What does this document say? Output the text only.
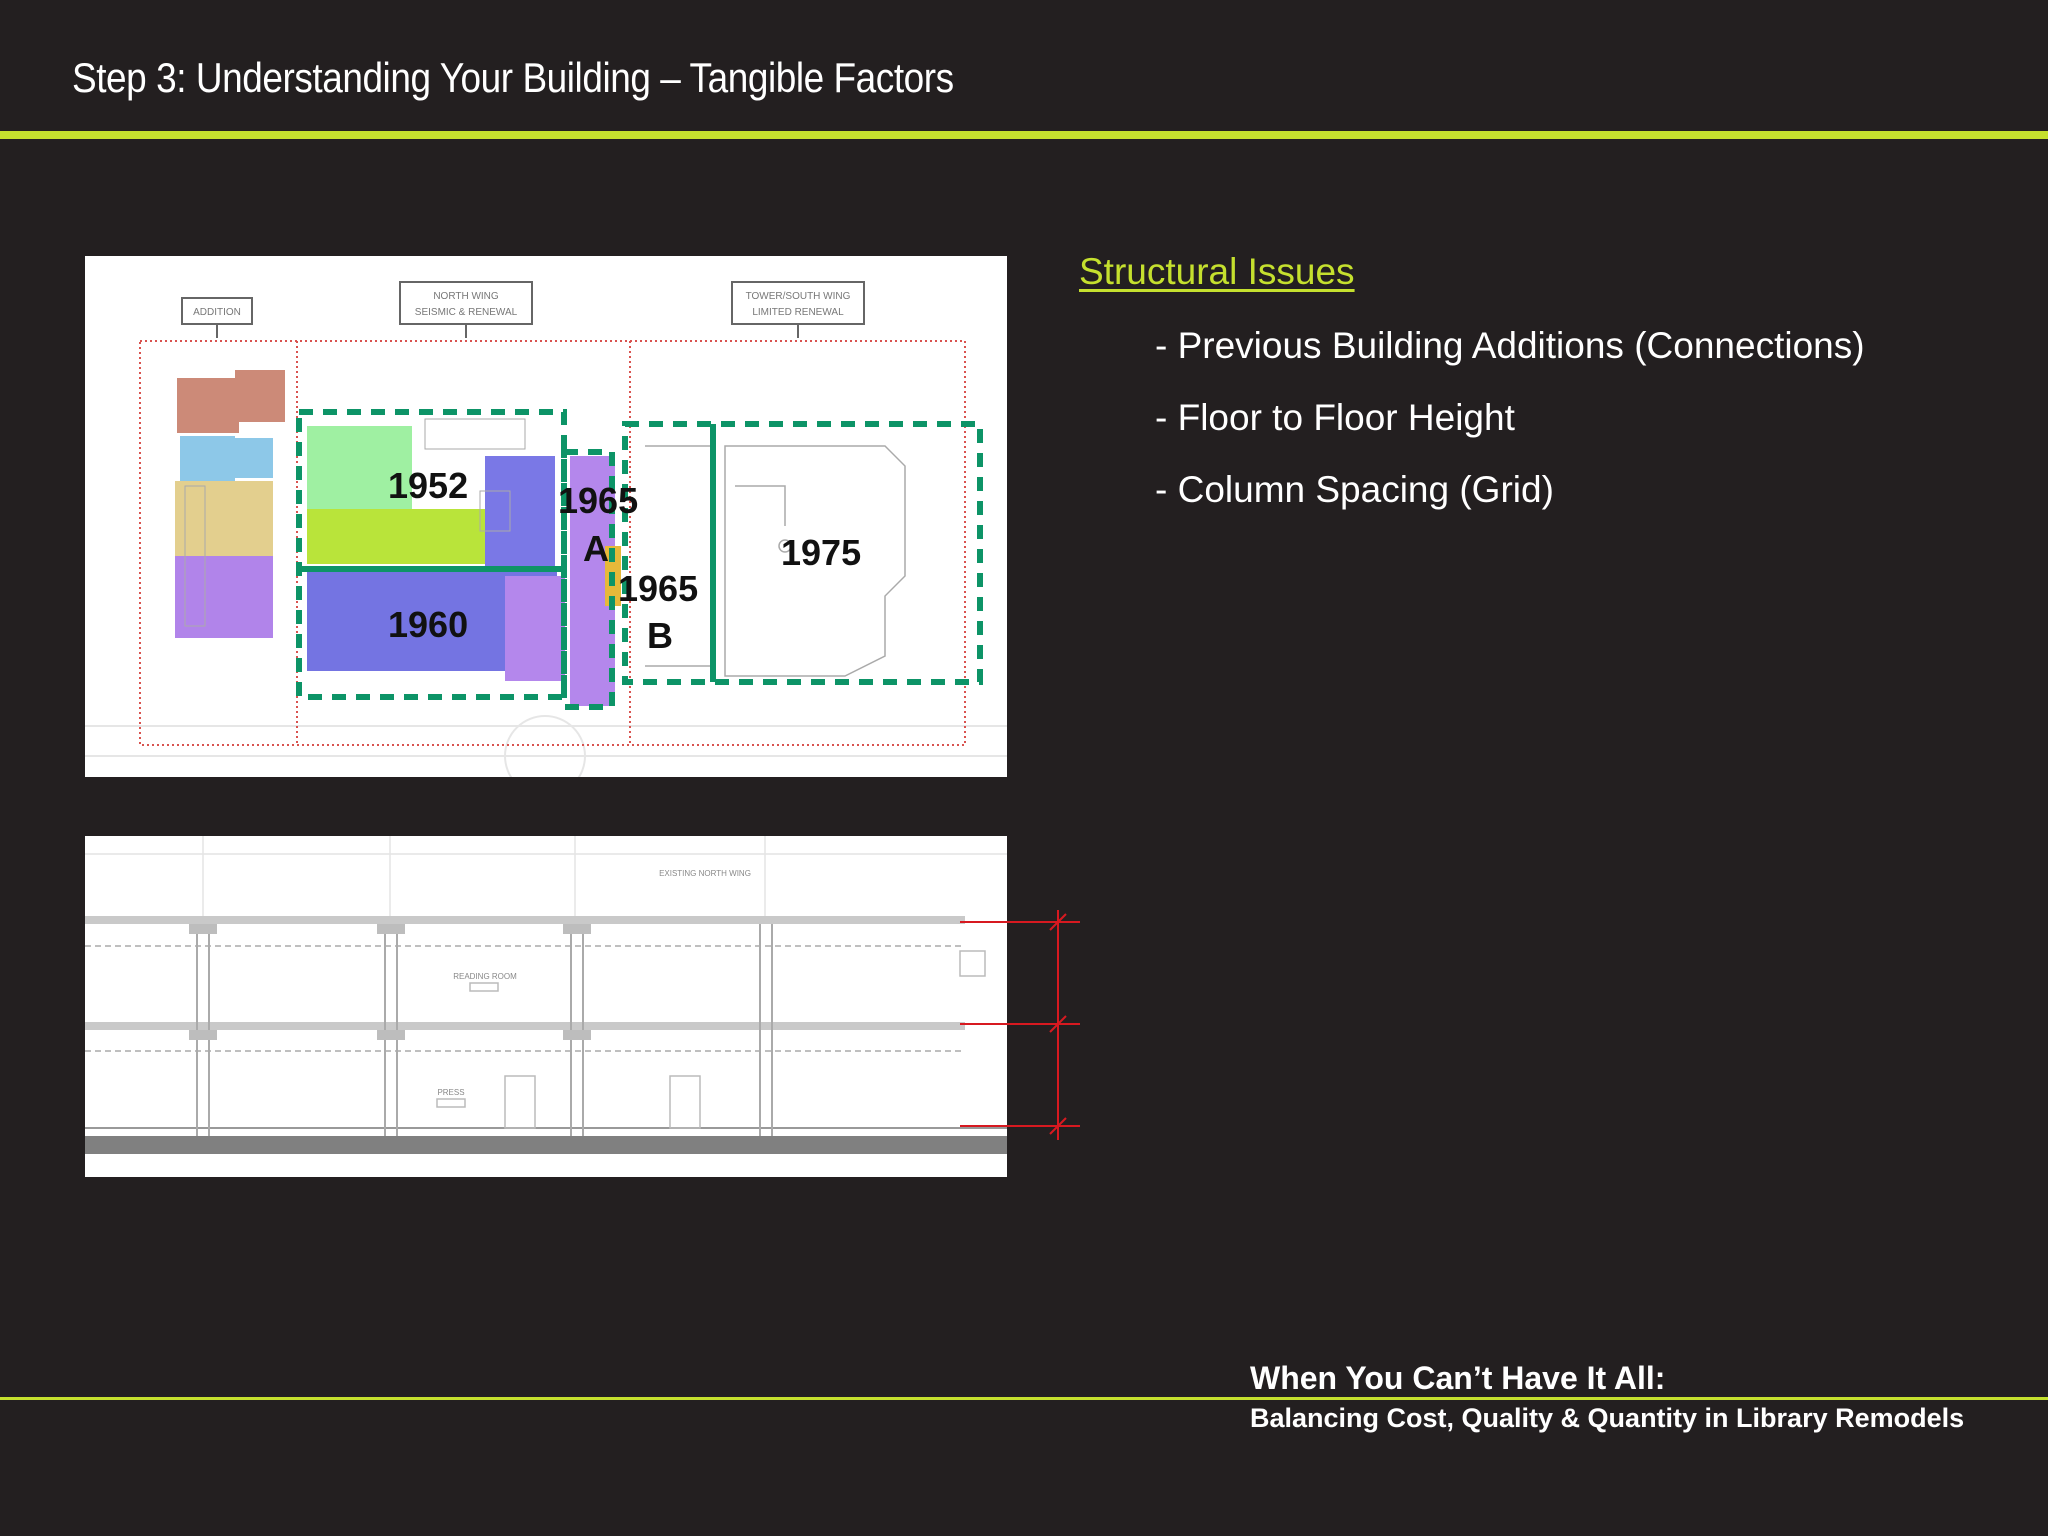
Step 3: Understanding Your Building – Tangible Factors
ADDITION
NORTH WING
SEISMIC & RENEWAL
TOWER/SOUTH WING
LIMITED RENEWAL
1952
1960
1965
A
1965
B
1975
EXISTING NORTH WING
READING ROOM
PRESS
Structural Issues
- Previous Building Additions (Connections)
- Floor to Floor Height
- Column Spacing (Grid)
When You Can’t Have It All:
Balancing Cost, Quality & Quantity in Library Remodels
